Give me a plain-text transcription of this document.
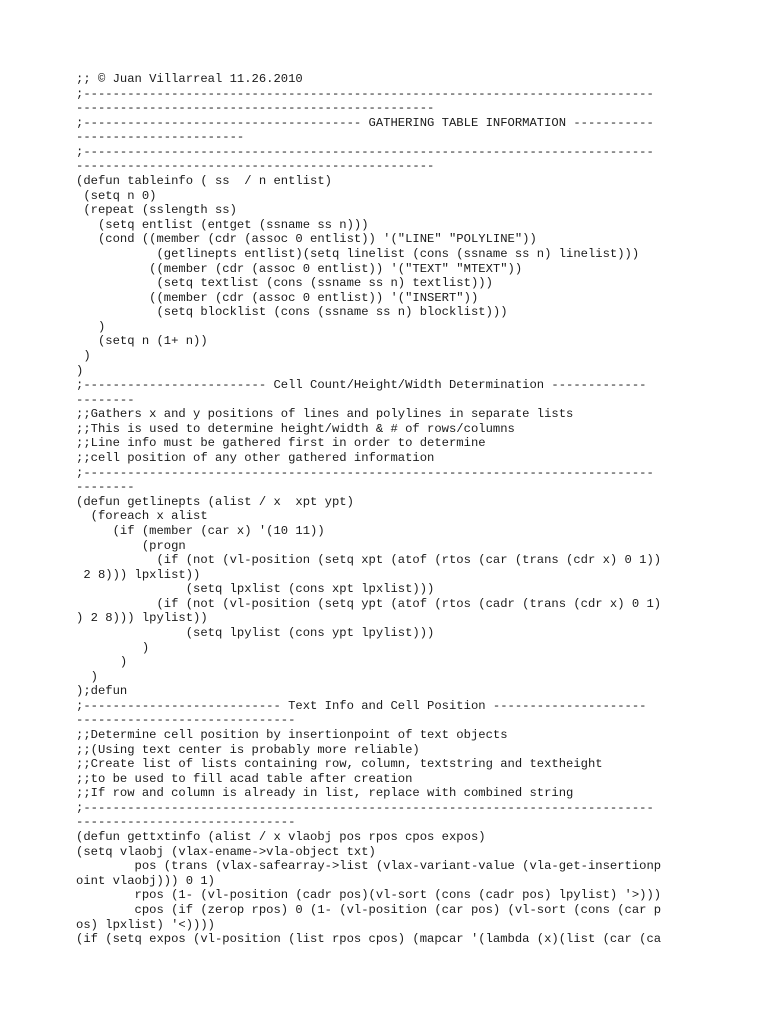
;; © Juan Villarreal 11.26.2010
;------------------------------------------------------------------------------
-------------------------------------------------
;-------------------------------------- GATHERING TABLE INFORMATION -----------
-----------------------
;------------------------------------------------------------------------------
-------------------------------------------------
(defun tableinfo ( ss  / n entlist)
(setq n 0)
(repeat (sslength ss)
(setq entlist (entget (ssname ss n)))
(cond ((member (cdr (assoc 0 entlist)) '("LINE" "POLYLINE"))
(getlinepts entlist)(setq linelist (cons (ssname ss n) linelist)))
((member (cdr (assoc 0 entlist)) '("TEXT" "MTEXT"))
(setq textlist (cons (ssname ss n) textlist)))
((member (cdr (assoc 0 entlist)) '("INSERT"))
(setq blocklist (cons (ssname ss n) blocklist)))
)
(setq n (1+ n))
)
)
;------------------------- Cell Count/Height/Width Determination -------------
--------
;;Gathers x and y positions of lines and polylines in separate lists
;;This is used to determine height/width & # of rows/columns
;;Line info must be gathered first in order to determine
;;cell position of any other gathered information
;------------------------------------------------------------------------------
--------
(defun getlinepts (alist / x  xpt ypt)
(foreach x alist
(if (member (car x) '(10 11))
(progn
(if (not (vl-position (setq xpt (atof (rtos (car (trans (cdr x) 0 1))
2 8))) lpxlist))
(setq lpxlist (cons xpt lpxlist)))
(if (not (vl-position (setq ypt (atof (rtos (cadr (trans (cdr x) 0 1)
) 2 8))) lpylist))
(setq lpylist (cons ypt lpylist)))
)
)
)
);defun
;--------------------------- Text Info and Cell Position ---------------------
------------------------------
;;Determine cell position by insertionpoint of text objects
;;(Using text center is probably more reliable)
;;Create list of lists containing row, column, textstring and textheight
;;to be used to fill acad table after creation
;;If row and column is already in list, replace with combined string
;------------------------------------------------------------------------------
------------------------------
(defun gettxtinfo (alist / x vlaobj pos rpos cpos expos)
(setq vlaobj (vlax-ename->vla-object txt)
pos (trans (vlax-safearray->list (vlax-variant-value (vla-get-insertionp
oint vlaobj))) 0 1)
rpos (1- (vl-position (cadr pos)(vl-sort (cons (cadr pos) lpylist) '>)))
cpos (if (zerop rpos) 0 (1- (vl-position (car pos) (vl-sort (cons (car p
os) lpxlist) '<))))
(if (setq expos (vl-position (list rpos cpos) (mapcar '(lambda (x)(list (car (ca
